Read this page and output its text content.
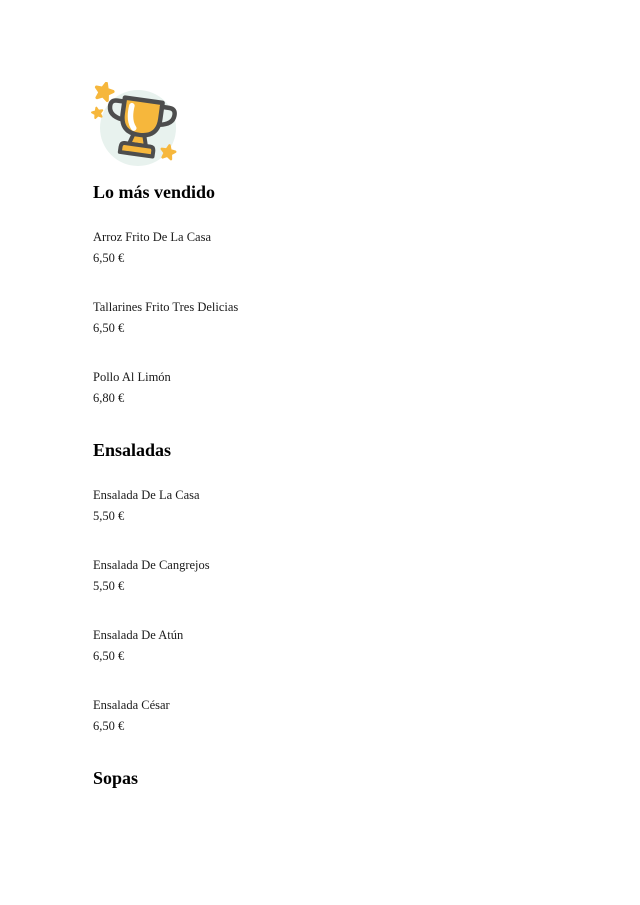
Lo más vendido

Arroz Frito De La Casa

6,50 €

Tallarines Frito Tres Delicias

6,50 €

Pollo Al Limón

6,80 €

Ensaladas

Ensalada De La Casa

5,50 €

Ensalada De Cangrejos

5,50 €

Ensalada De Atún

6,50 €

Ensalada César

6,50 €

Sopas
